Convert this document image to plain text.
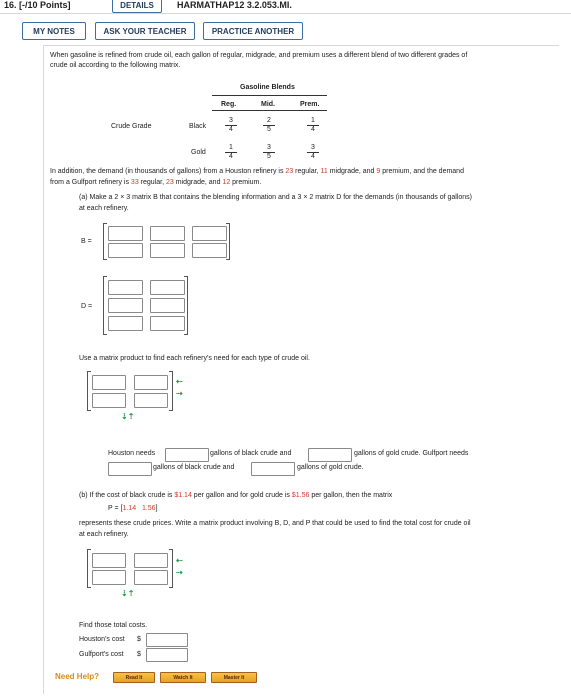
16. [-/10 Points]	DETAILS	HARMATHAP12 3.2.053.MI.
MY NOTES	ASK YOUR TEACHER	PRACTICE ANOTHER
When gasoline is refined from crude oil, each gallon of regular, midgrade, and premium uses a different blend of two different grades of
crude oil according to the following matrix.
Gasoline Blends
Reg.	Mid.	Prem.
Crude Grade	Black
Gold
$\frac{3}{4}$	$\frac{2}{5}$	$\frac{1}{4}$
$\frac{1}{4}$	$\frac{3}{5}$	$\frac{3}{4}$
In addition, the demand (in thousands of gallons) from a Houston refinery is 23 regular, 11 midgrade, and 9 premium, and the demand
from a Gulfport refinery is 33 regular, 23 midgrade, and 12 premium.
(a) Make a 2 × 3 matrix B that contains the blending information and a 3 × 2 matrix D for the demands (in thousands of gallons)
at each refinery.
B =
D =
Use a matrix product to find each refinery's need for each type of crude oil.
⇠
⇢
⇣⇡
Houston needs	gallons of black crude and	gallons of gold crude. Gulfport needs
gallons of black crude and	gallons of gold crude.
(b) If the cost of black crude is $1.14 per gallon and for gold crude is $1.56 per gallon, then the matrix
P = [1.14 1.56]
represents these crude prices. Write a matrix product involving B, D, and P that could be used to find the total cost for crude oil
at each refinery.
⇠
⇢
⇣⇡
Find those total costs.
Houston's cost $
Gulfport's cost $
Need Help?	Read It	Watch It	Master It
